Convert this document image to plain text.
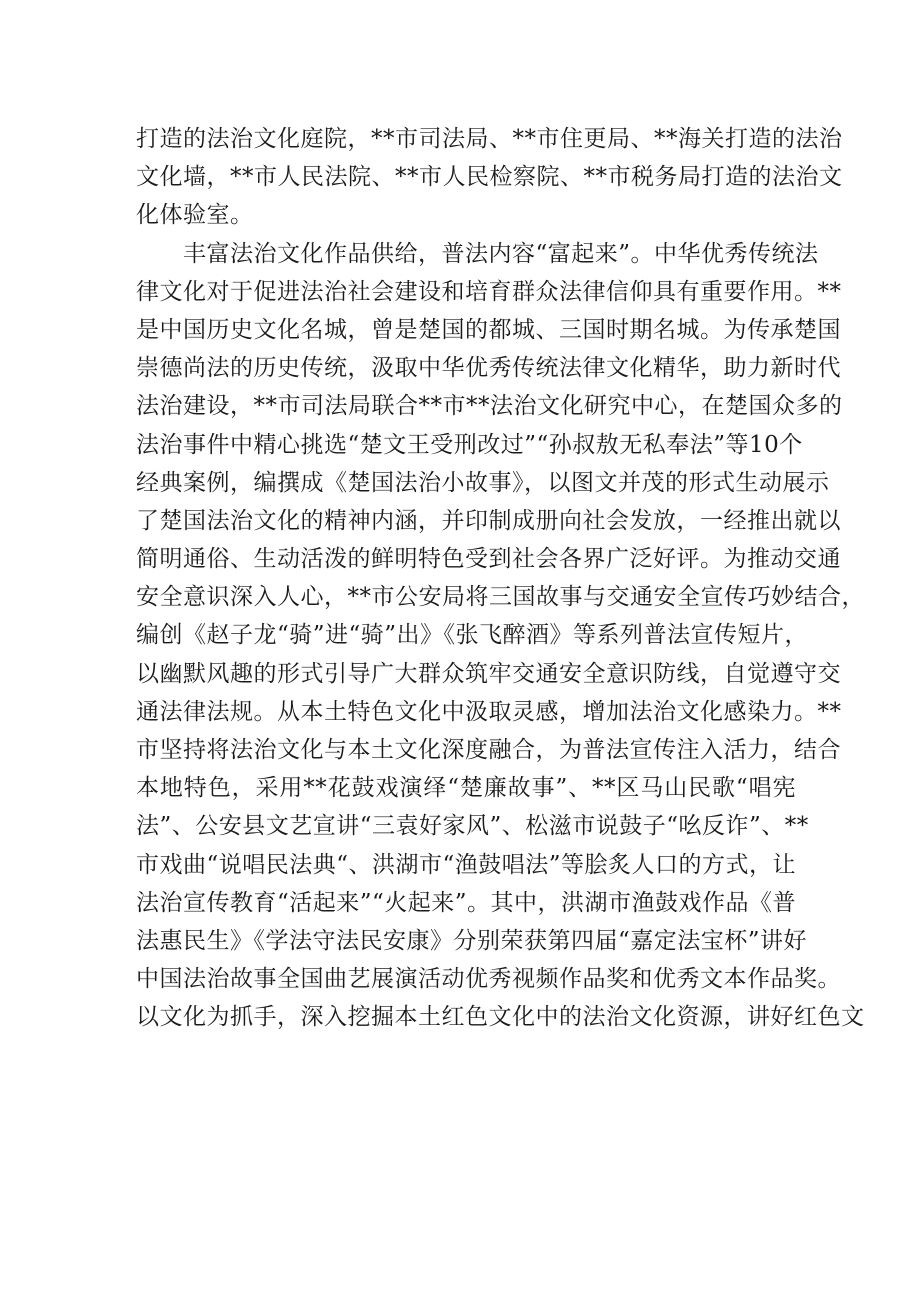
打造的法治文化庭院，**市司法局、**市住更局、**海关打造的法治
文化墙，**市人民法院、**市人民检察院、**市税务局打造的法治文
化体验室。
　　丰富法治文化作品供给，普法内容“富起来”。中华优秀传统法
律文化对于促进法治社会建设和培育群众法律信仰具有重要作用。**
是中国历史文化名城，曾是楚国的都城、三国时期名城。为传承楚国
崇德尚法的历史传统，汲取中华优秀传统法律文化精华，助力新时代
法治建设，**市司法局联合**市**法治文化研究中心，在楚国众多的
法治事件中精心挑选“楚文王受刑改过”“孙叔敖无私奉法”等10个
经典案例，编撰成《楚国法治小故事》，以图文并茂的形式生动展示
了楚国法治文化的精神内涵，并印制成册向社会发放，一经推出就以
简明通俗、生动活泼的鲜明特色受到社会各界广泛好评。为推动交通
安全意识深入人心，**市公安局将三国故事与交通安全宣传巧妙结合，
编创《赵子龙“骑”进“骑”出》《张飞醉酒》等系列普法宣传短片，
以幽默风趣的形式引导广大群众筑牢交通安全意识防线，自觉遵守交
通法律法规。从本土特色文化中汲取灵感，增加法治文化感染力。**
市坚持将法治文化与本土文化深度融合，为普法宣传注入活力，结合
本地特色，采用**花鼓戏演绎“楚廉故事”、**区马山民歌“唱宪
法”、公安县文艺宣讲“三袁好家风”、松滋市说鼓子“吆反诈”、**
市戏曲“说唱民法典“、洪湖市“渔鼓唱法”等脍炙人口的方式，让
法治宣传教育“活起来”“火起来”。其中，洪湖市渔鼓戏作品《普
法惠民生》《学法守法民安康》分别荣获第四届“嘉定法宝杯”讲好
中国法治故事全国曲艺展演活动优秀视频作品奖和优秀文本作品奖。
以文化为抓手，深入挖掘本土红色文化中的法治文化资源，讲好红色文
